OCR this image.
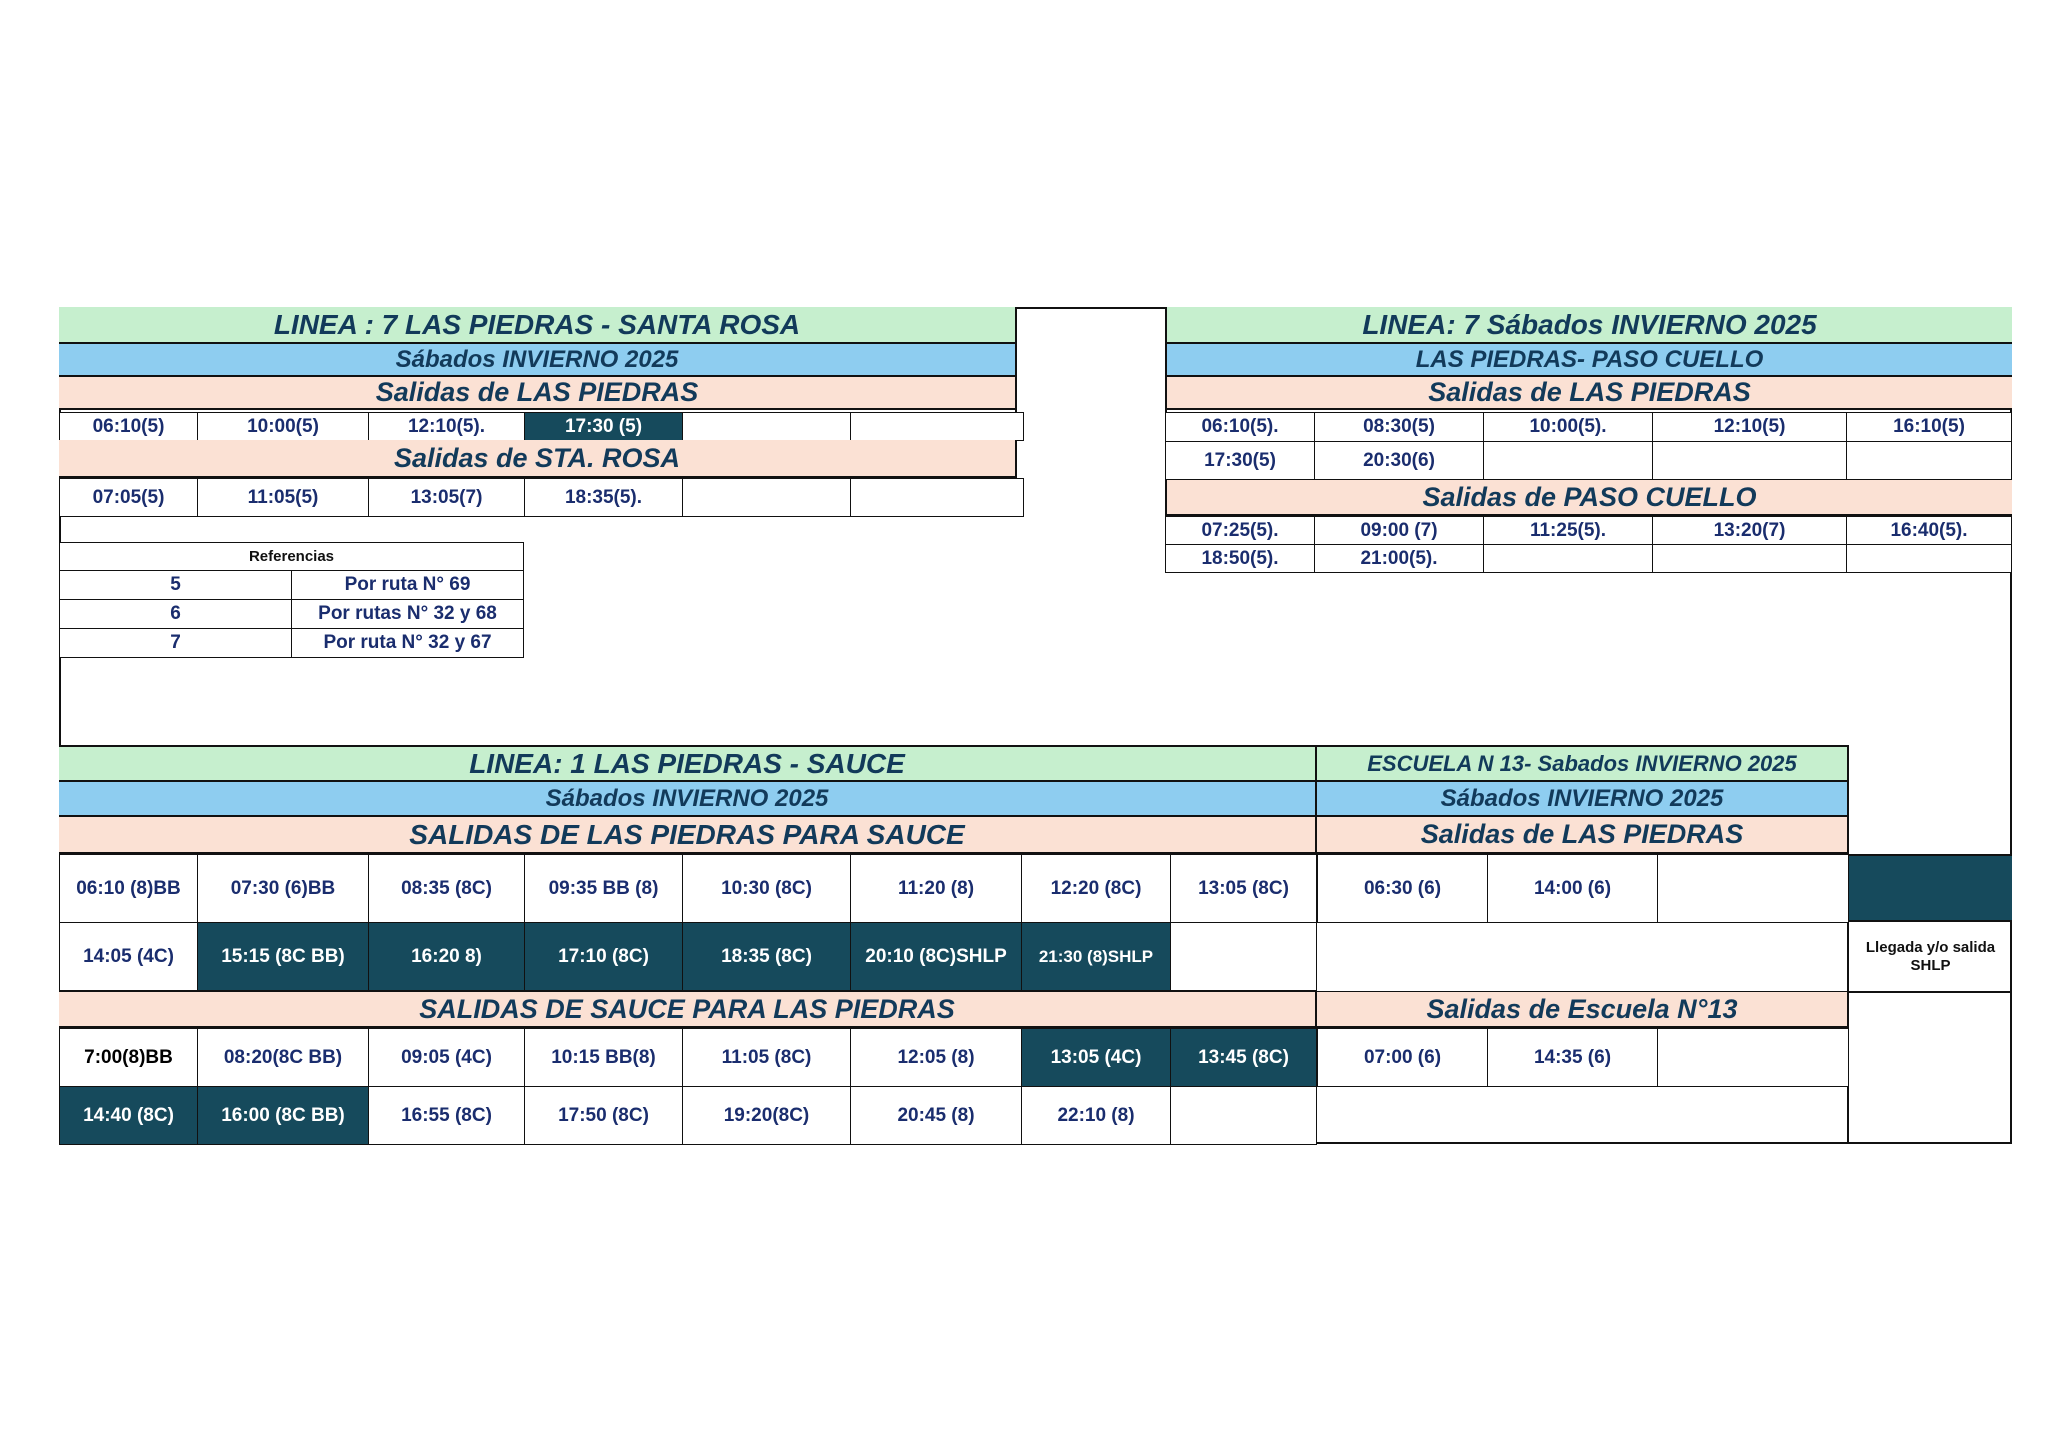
LINEA : 7 LAS PIEDRAS - SANTA ROSA
Sábados INVIERNO 2025
Salidas de LAS PIEDRAS
06:10(5)	10:00(5)	12:10(5).	17:30 (5)		
Salidas de STA. ROSA
07:05(5)	11:05(5)	13:05(7)	18:35(5).		
Referencias	
5	Por ruta N° 69
6	Por rutas N° 32 y 68
7	Por ruta N° 32 y 67
LINEA: 7 Sábados INVIERNO 2025
LAS PIEDRAS- PASO CUELLO
Salidas de LAS PIEDRAS
06:10(5).	08:30(5)	10:00(5).	12:10(5)	16:10(5)
17:30(5)	20:30(6)			
Salidas de PASO CUELLO
07:25(5).	09:00 (7)	11:25(5).	13:20(7)	16:40(5).
18:50(5).	21:00(5).			
LINEA: 1 LAS PIEDRAS - SAUCE
Sábados INVIERNO 2025
SALIDAS DE LAS PIEDRAS PARA SAUCE
06:10 (8)BB	07:30 (6)BB	08:35 (8C)	09:35 BB (8)	10:30 (8C)	11:20 (8)	12:20 (8C)	13:05 (8C)
14:05 (4C)	15:15 (8C BB)	16:20 8)	17:10 (8C)	18:35 (8C)	20:10 (8C)SHLP	21:30 (8)SHLP	
SALIDAS DE SAUCE PARA LAS PIEDRAS
7:00(8)BB	08:20(8C BB)	09:05 (4C)	10:15 BB(8)	11:05 (8C)	12:05 (8)	13:05 (4C)	13:45 (8C)
14:40 (8C)	16:00 (8C BB)	16:55 (8C)	17:50 (8C)	19:20(8C)	20:45 (8)	22:10 (8)	
ESCUELA N 13- Sabados INVIERNO 2025
Sábados INVIERNO 2025
Salidas de LAS PIEDRAS
06:30 (6)	14:00 (6)	
Salidas de Escuela N°13
07:00 (6)	14:35 (6)	
Llegada y/o salida SHLP
